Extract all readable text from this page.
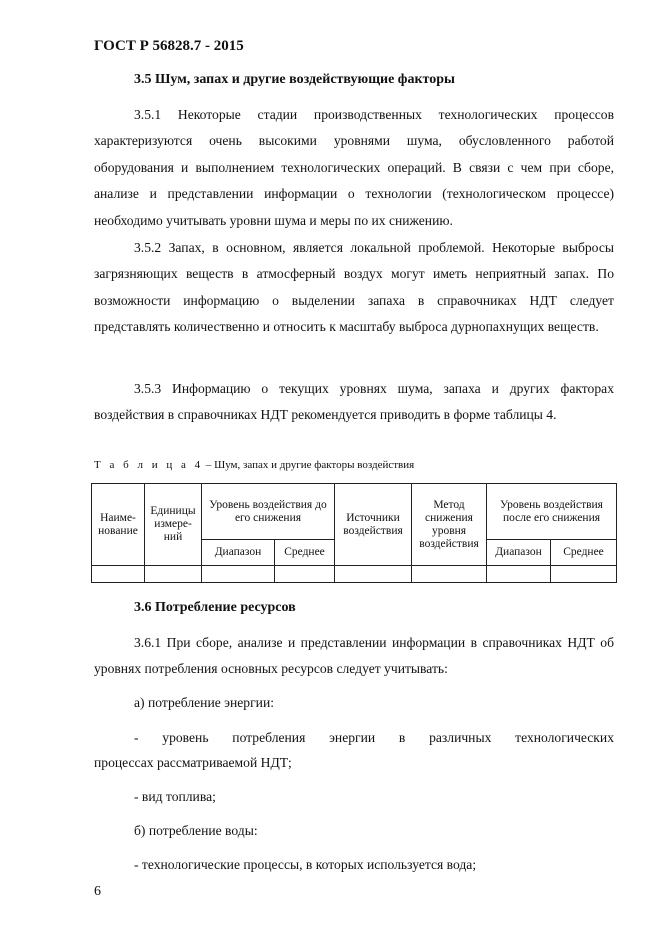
ГОСТ Р 56828.7 - 2015
3.5 Шум, запах и другие воздействующие факторы

3.5.1 Некоторые стадии производственных технологических процессов характеризуются очень высокими уровнями шума, обусловленного работой оборудования и выполнением технологических операций. В связи с чем при сборе, анализе и представлении информации о технологии (технологическом процессе) необходимо учитывать уровни шума и меры по их снижению.

3.5.2 Запах, в основном, является локальной проблемой. Некоторые выбросы загрязняющих веществ в атмосферный воздух могут иметь неприятный запах. По возможности информацию о выделении запаха в справочниках НДТ следует представлять количественно и относить к масштабу выброса дурнопахнущих веществ.

3.5.3 Информацию о текущих уровнях шума, запаха и других факторах воздействия в справочниках НДТ рекомендуется приводить в форме таблицы 4.

Т а б л и ц а 4 – Шум, запах и другие факторы воздействия
Наиме-нование	Единицы измере-ний	Уровень воздействия до его снижения		Источники воздействия	Метод снижения уровня воздействия	Уровень воздействия после его снижения	
		Диапазон	Среднее			Диапазон	Среднее

3.6 Потребление ресурсов

3.6.1 При сборе, анализе и представлении информации в справочниках НДТ об уровнях потребления основных ресурсов следует учитывать:

а) потребление энергии:
- уровень потребления энергии в различных технологических
процессах рассматриваемой НДТ;
- вид топлива;
б) потребление воды:
- технологические процессы, в которых используется вода;
6
